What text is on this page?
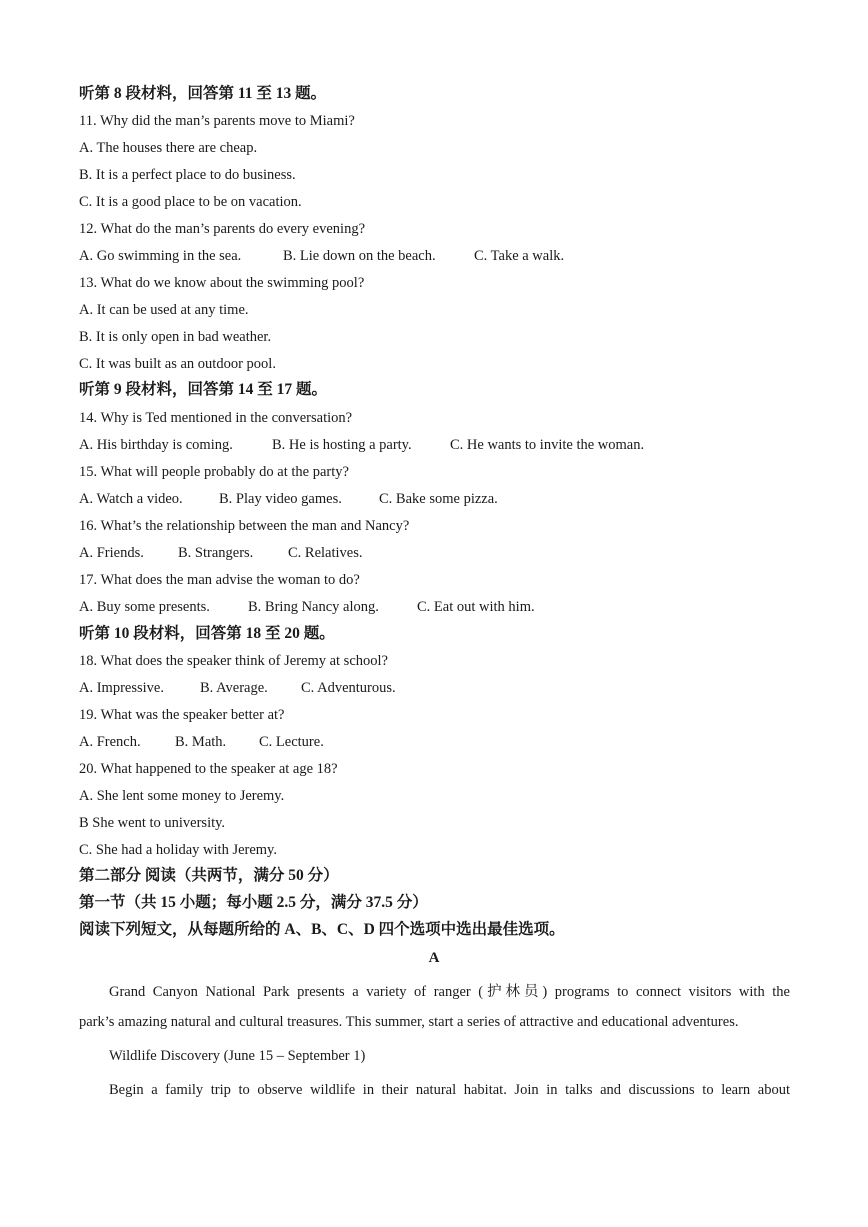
听第 8 段材料，回答第 11 至 13 题。
11. Why did the man’s parents move to Miami?
A. The houses there are cheap.
B. It is a perfect place to do business.
C. It is a good place to be on vacation.
12. What do the man’s parents do every evening?
A. Go swimming in the sea.	B. Lie down on the beach.	C. Take a walk.
13. What do we know about the swimming pool?
A. It can be used at any time.
B. It is only open in bad weather.
C. It was built as an outdoor pool.
听第 9 段材料，回答第 14 至 17 题。
14. Why is Ted mentioned in the conversation?
A. His birthday is coming.	B. He is hosting a party.	C. He wants to invite the woman.
15. What will people probably do at the party?
A. Watch a video.	B. Play video games.	C. Bake some pizza.
16. What’s the relationship between the man and Nancy?
A. Friends. B. Strangers. C. Relatives.
17. What does the man advise the woman to do?
A. Buy some presents.	B. Bring Nancy along.	C. Eat out with him.
听第 10 段材料，回答第 18 至 20 题。
18. What does the speaker think of Jeremy at school?
A. Impressive. B. Average. C. Adventurous.
19. What was the speaker better at?
A. French. B. Math. C. Lecture.
20. What happened to the speaker at age 18?
A. She lent some money to Jeremy.
B She went to university.
C. She had a holiday with Jeremy.
第二部分 阅读（共两节，满分 50 分）
第一节（共 15 小题；每小题 2.5 分，满分 37.5 分）
阅读下列短文，从每题所给的 A、B、C、D 四个选项中选出最佳选项。
A
Grand Canyon National Park presents a variety of ranger (护林员) programs to connect visitors with the
park’s amazing natural and cultural treasures. This summer, start a series of attractive and educational adventures.
Wildlife Discovery (June 15 – September 1)
Begin a family trip to observe wildlife in their natural habitat. Join in talks and discussions to learn about
